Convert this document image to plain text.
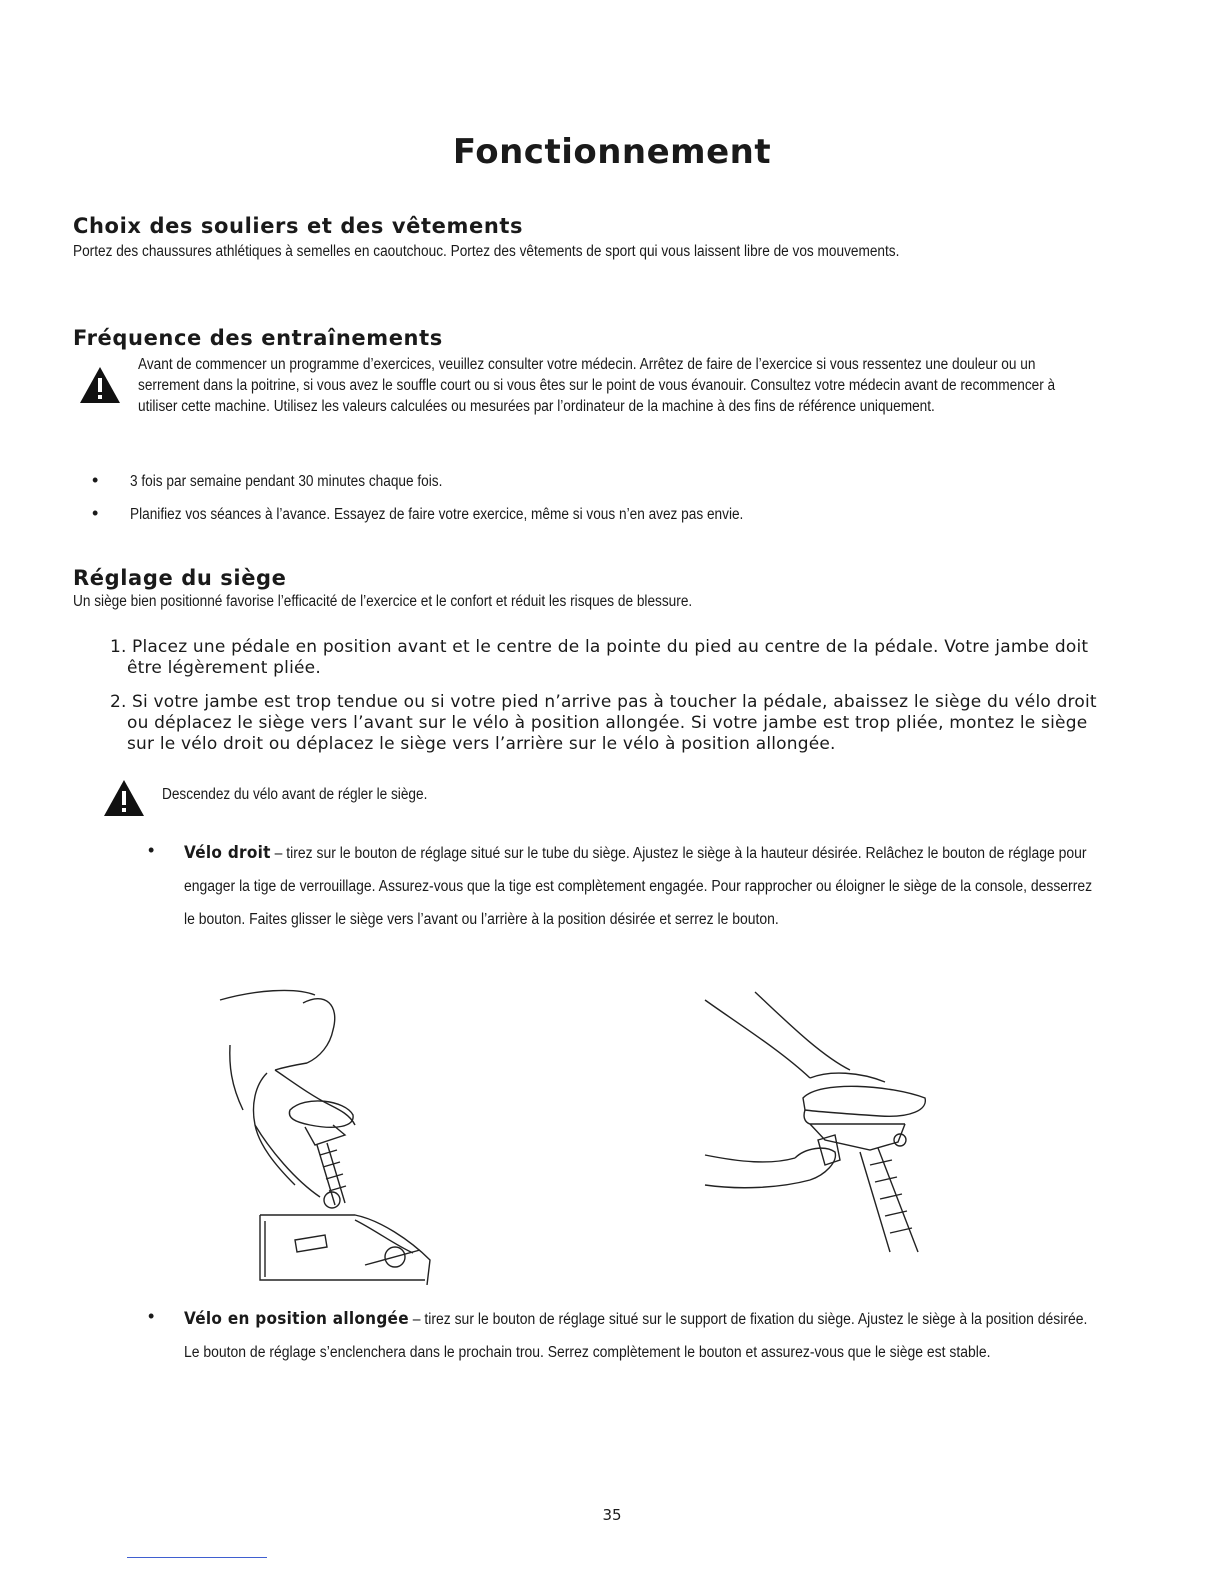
Fonctionnement
Choix des souliers et des vêtements
Portez des chaussures athlétiques à semelles en caoutchouc. Portez des vêtements de sport qui vous laissent libre de vos mouvements.
Fréquence des entraînements
Avant de commencer un programme d’exercices, veuillez consulter votre médecin. Arrêtez de faire de l’exercice si vous ressentez une douleur ou un serrement dans la poitrine, si vous avez le souffle court ou si vous êtes sur le point de vous évanouir. Consultez votre médecin avant de recommencer à utiliser cette machine. Utilisez les valeurs calculées ou mesurées par l’ordinateur de la machine à des fins de référence uniquement.
• 3 fois par semaine pendant 30 minutes chaque fois.
• Planifiez vos séances à l’avance. Essayez de faire votre exercice, même si vous n’en avez pas envie.
Réglage du siège
Un siège bien positionné favorise l’efficacité de l’exercice et le confort et réduit les risques de blessure.
1. Placez une pédale en position avant et le centre de la pointe du pied au centre de la pédale. Votre jambe doit être légèrement pliée.
2. Si votre jambe est trop tendue ou si votre pied n’arrive pas à toucher la pédale, abaissez le siège du vélo droit ou déplacez le siège vers l’avant sur le vélo à position allongée. Si votre jambe est trop pliée, montez le siège sur le vélo droit ou déplacez le siège vers l’arrière sur le vélo à position allongée.
Descendez du vélo avant de régler le siège.
• Vélo droit – tirez sur le bouton de réglage situé sur le tube du siège. Ajustez le siège à la hauteur désirée. Relâchez le bouton de réglage pour engager la tige de verrouillage. Assurez-vous que la tige est complètement engagée. Pour rapprocher ou éloigner le siège de la console, desserrez le bouton. Faites glisser le siège vers l’avant ou l’arrière à la position désirée et serrez le bouton.
• Vélo en position allongée – tirez sur le bouton de réglage situé sur le support de fixation du siège. Ajustez le siège à la position désirée. Le bouton de réglage s’enclenchera dans le prochain trou. Serrez complètement le bouton et assurez-vous que le siège est stable.
35
